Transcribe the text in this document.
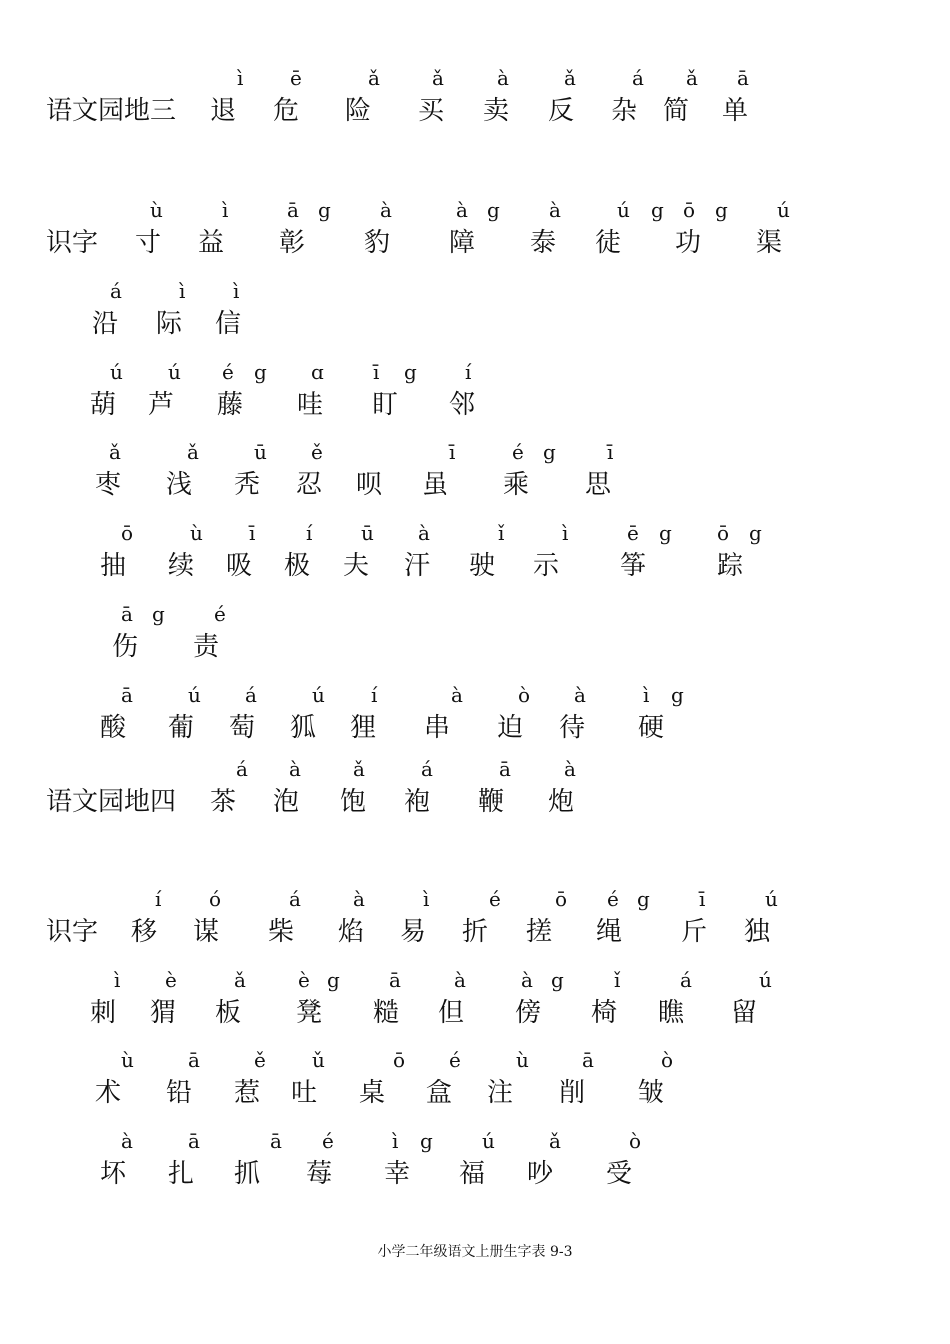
ì ē	ǎ	ǎ	à	ǎ	á ǎ ā
语文园地三 退 危 险 买 卖 反 杂 简 单
ù	ì	ā g à	à g à	ú g ō g ú
识字 寸 益 彰 豹 障 泰 徒 功 渠
á	ì ì
沿 际 信
ú ú é g ɑ ī g í
葫 芦 藤 哇 盯 邻
ǎ	ǎ	ū ě	ī	é g	ī
枣 浅 秃 忍 呗 虽 乘 思
ō	ù ī	í ū à	ǐ	ì	ē g ō g
抽 续 吸 极 夫 汗 驶 示 筝	踪
ā g é
伤 责
ā	ú á	ú í	à	ò à	ì g
酸 葡 萄 狐 狸 串 迫 待 硬
á à	ǎ	á	ā	à
语文园地四 茶 泡 饱 袍 鞭 炮
í ó	á	à	ì	é	ō é g ī	ú
识字 移 谋 柴 焰 易 折 搓 绳 斤 独
ì è	ǎ	è g ā	à	à g	ǐ	á	ú
刺 猬 板 凳 糙 但 傍 椅 瞧 留
ù	ā	ě ǔ	ō é	ù	ā	ò
术 铅 惹 吐 桌 盒 注 削 皱
à	ā	ā é	ì g ú	ǎ	ò
坏 扎 抓 莓 幸 福 吵 受
小学二年级语文上册生字表 9-3
